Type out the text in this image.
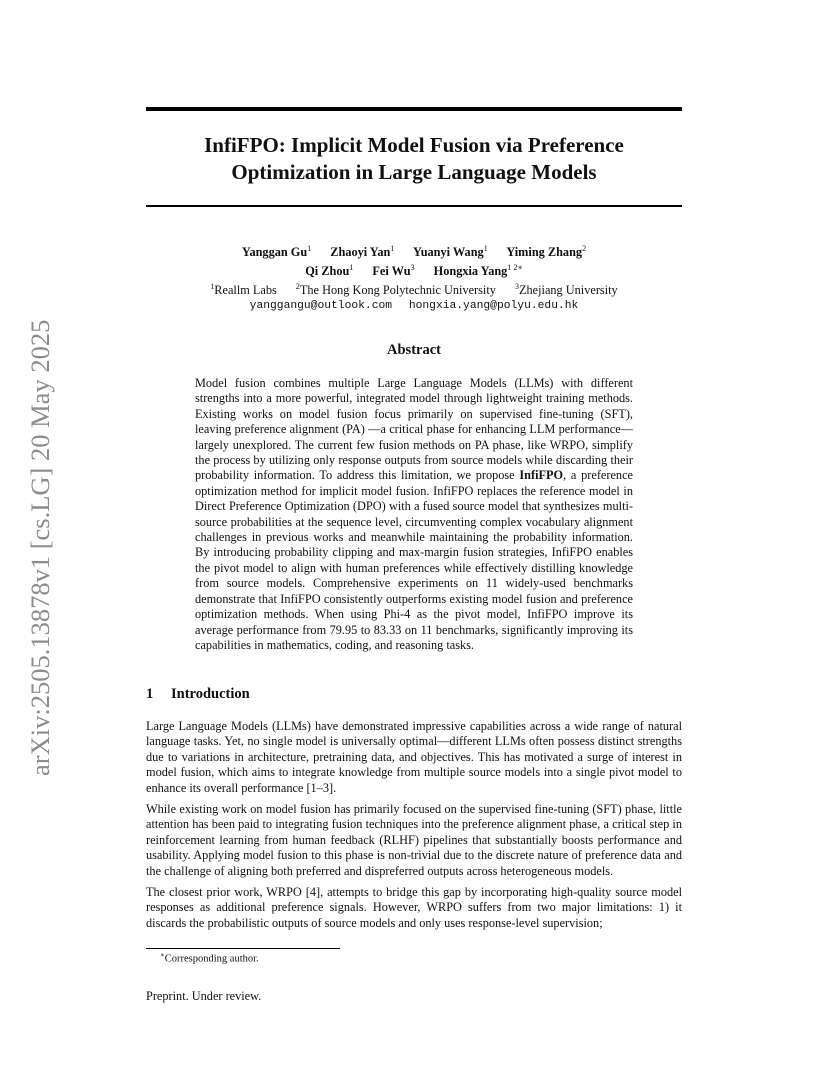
arXiv:2505.13878v1 [cs.LG] 20 May 2025
InfiFPO: Implicit Model Fusion via Preference
Optimization in Large Language Models
Yanggan Gu$^1$ Zhaoyi Yan$^1$ Yuanyi Wang$^1$ Yiming Zhang$^2$
Qi Zhou$^1$ Fei Wu$^3$ Hongxia Yang$^{1 2∗}$
$^1$Reallm Labs $^2$The Hong Kong Polytechnic University $^3$Zhejiang University
yanggangu@outlook.com hongxia.yang@polyu.edu.hk
Abstract

Model fusion combines multiple Large Language Models (LLMs) with different strengths into a more powerful, integrated model through lightweight training methods. Existing works on model fusion focus primarily on supervised fine-tuning (SFT), leaving preference alignment (PA) —a critical phase for enhancing LLM performance—largely unexplored. The current few fusion methods on PA phase, like WRPO, simplify the process by utilizing only response outputs from source models while discarding their probability information. To address this limitation, we propose InfiFPO, a preference optimization method for implicit model fusion. InfiFPO replaces the reference model in Direct Preference Optimization (DPO) with a fused source model that synthesizes multi-source probabilities at the sequence level, circumventing complex vocabulary alignment challenges in previous works and meanwhile maintaining the probability information. By introducing probability clipping and max-margin fusion strategies, InfiFPO enables the pivot model to align with human preferences while effectively distilling knowledge from source models. Comprehensive experiments on 11 widely-used benchmarks demonstrate that InfiFPO consistently outperforms existing model fusion and preference optimization methods. When using Phi-4 as the pivot model, InfiFPO improve its average performance from 79.95 to 83.33 on 11 benchmarks, significantly improving its capabilities in mathematics, coding, and reasoning tasks.

1 Introduction

Large Language Models (LLMs) have demonstrated impressive capabilities across a wide range of natural language tasks. Yet, no single model is universally optimal—different LLMs often possess distinct strengths due to variations in architecture, pretraining data, and objectives. This has motivated a surge of interest in model fusion, which aims to integrate knowledge from multiple source models into a single pivot model to enhance its overall performance [1–3].

While existing work on model fusion has primarily focused on the supervised fine-tuning (SFT) phase, little attention has been paid to integrating fusion techniques into the preference alignment phase, a critical step in reinforcement learning from human feedback (RLHF) pipelines that substantially boosts performance and usability. Applying model fusion to this phase is non-trivial due to the discrete nature of preference data and the challenge of aligning both preferred and dispreferred outputs across heterogeneous models.

The closest prior work, WRPO [4], attempts to bridge this gap by incorporating high-quality source model responses as additional preference signals. However, WRPO suffers from two major limitations: 1) it discards the probabilistic outputs of source models and only uses response-level supervision;

∗Corresponding author.
Preprint. Under review.
